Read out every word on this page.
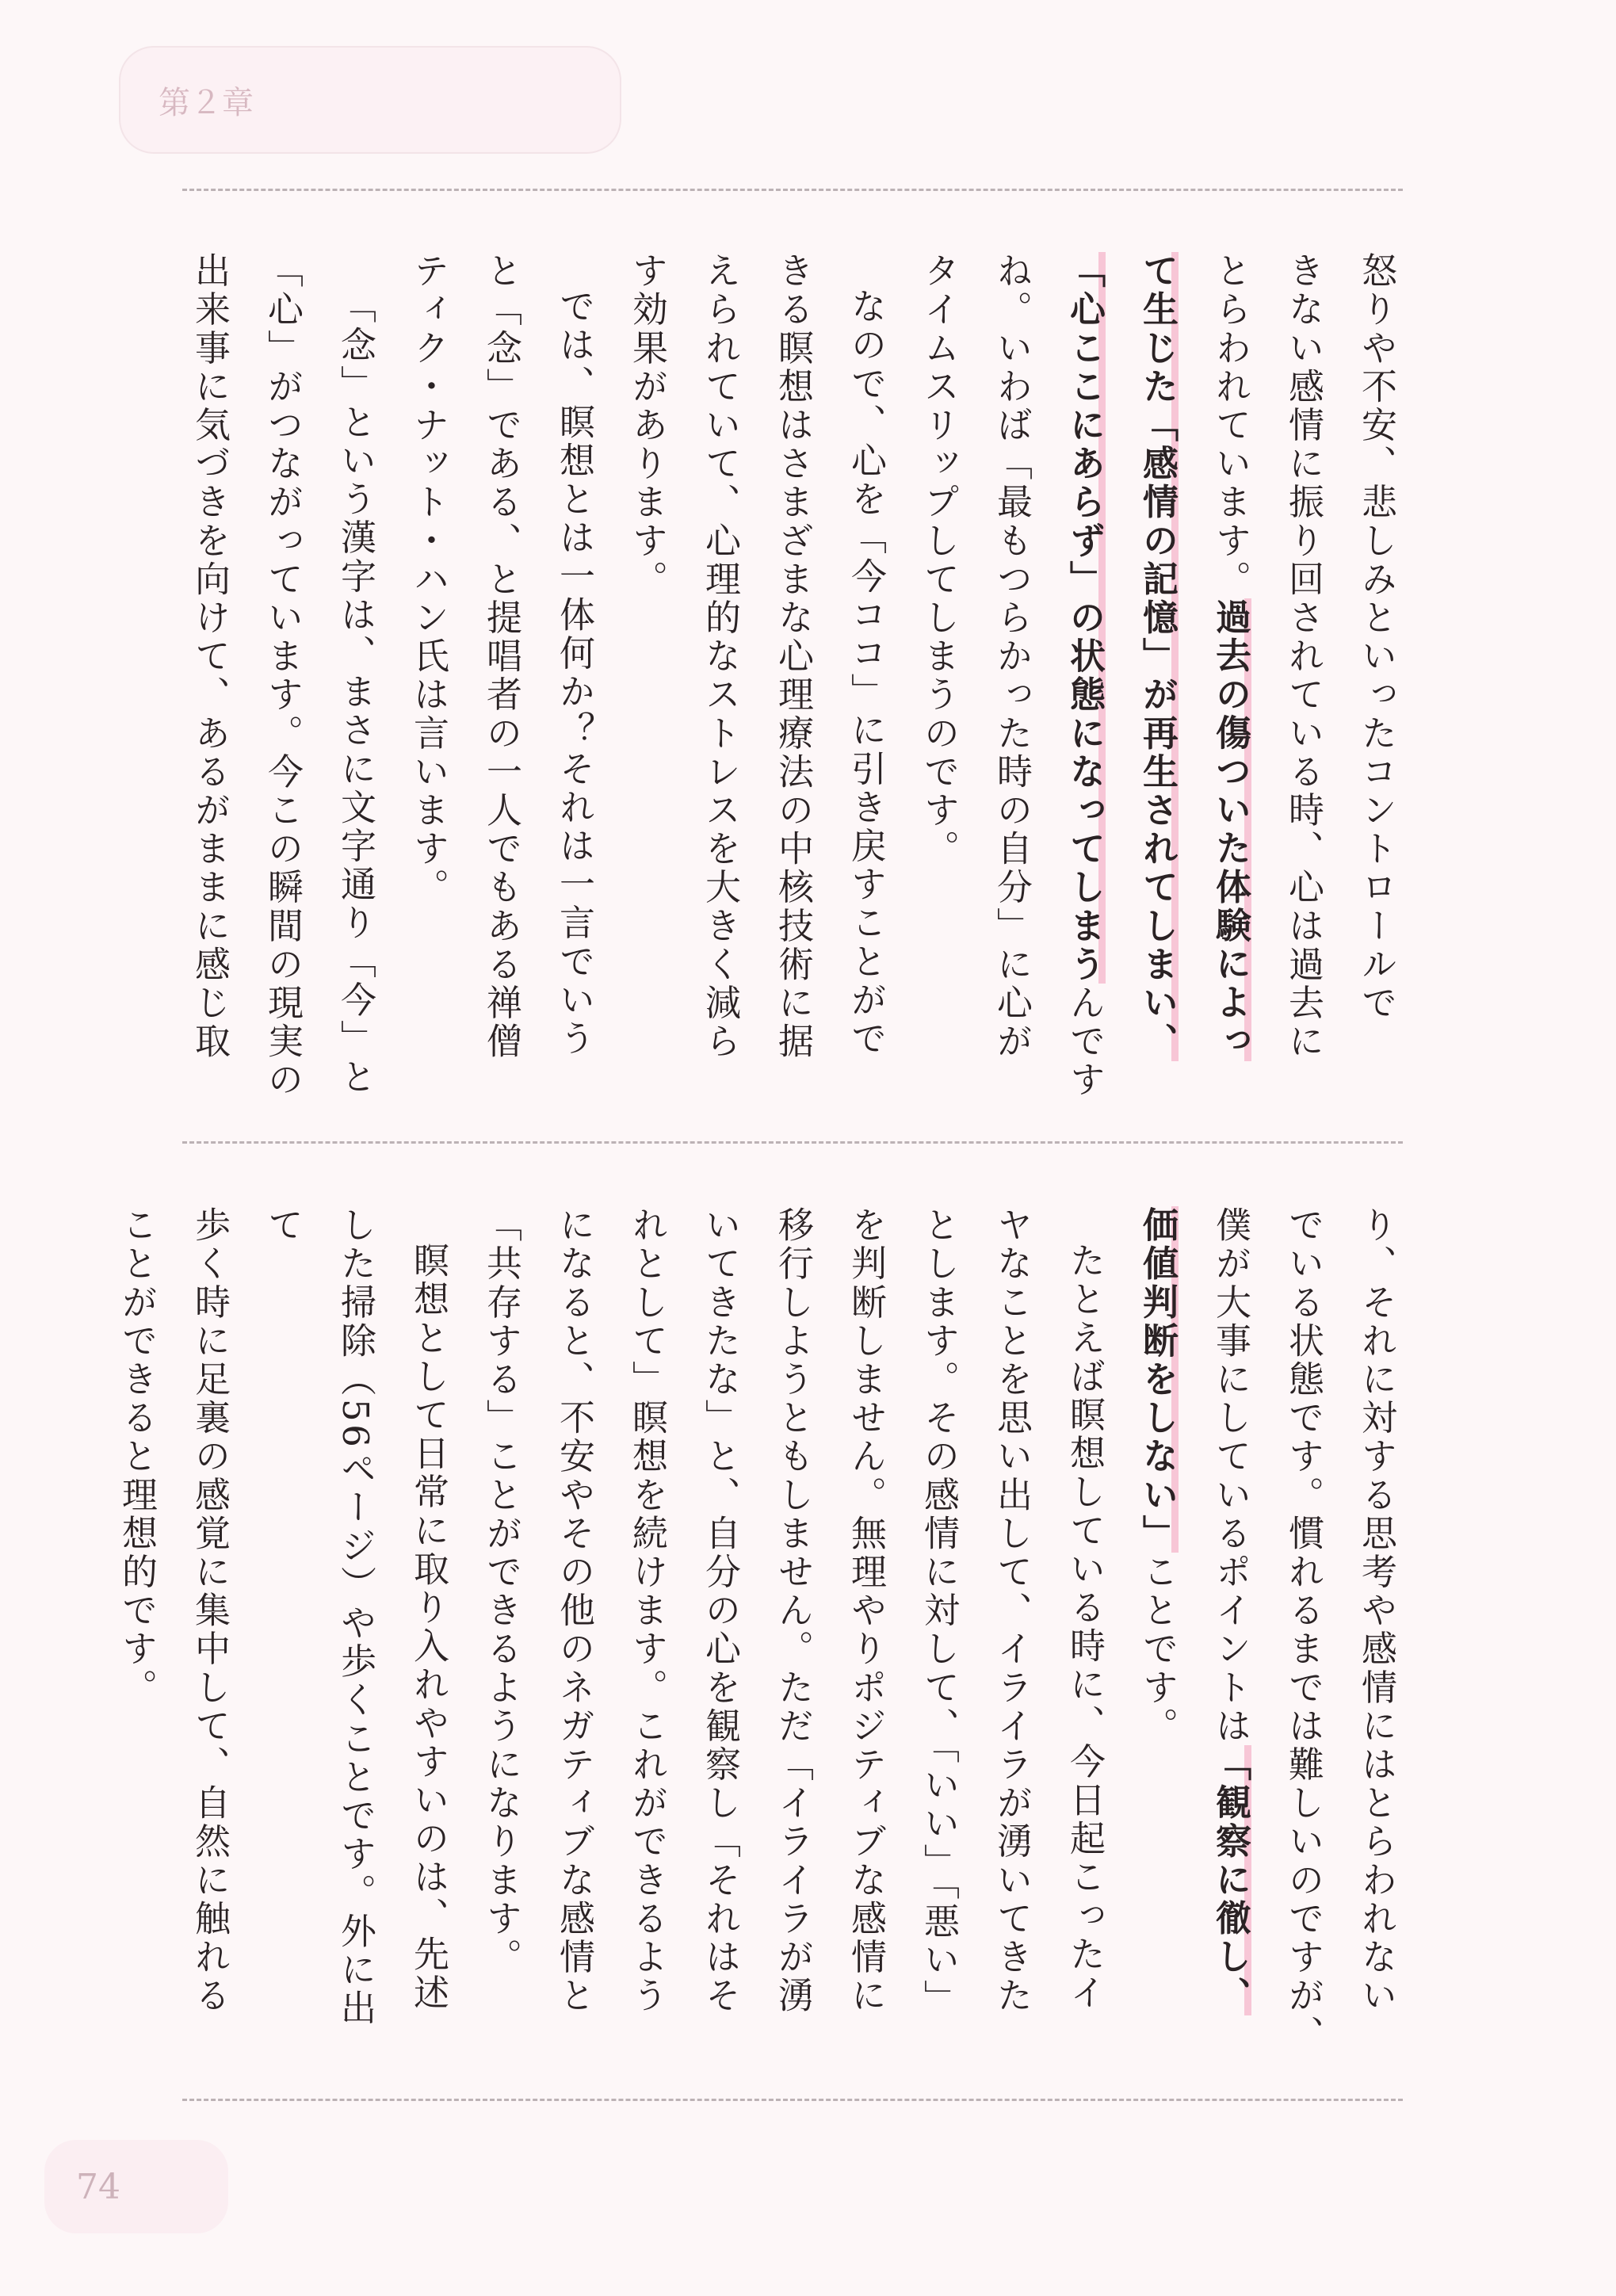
第２章

怒りや不安、悲しみといったコントロールで

きない感情に振り回されている時、心は過去に

とらわれています。過去の傷ついた体験によっ

て生じた「感情の記憶」が再生されてしまい、

「心ここにあらず」の状態になってしまうんです

ね。いわば「最もつらかった時の自分」に心が

タイムスリップしてしまうのです。

なので、心を「今ココ」に引き戻すことがで

きる瞑想はさまざまな心理療法の中核技術に据

えられていて、心理的なストレスを大きく減ら

す効果があります。

では、瞑想とは一体何か？それは一言でいう

と「念」である、と提唱者の一人でもある禅僧

ティク・ナット・ハン氏は言います。

「念」という漢字は、まさに文字通り「今」と

「心」がつながっています。今この瞬間の現実の

出来事に気づきを向けて、あるがままに感じ取

り、それに対する思考や感情にはとらわれない

でいる状態です。慣れるまでは難しいのですが、

僕が大事にしているポイントは「観察に徹し、

価値判断をしない」ことです。

たとえば瞑想している時に、今日起こったイ

ヤなことを思い出して、イライラが湧いてきた

とします。その感情に対して、「いい」「悪い」

を判断しません。無理やりポジティブな感情に

移行しようともしません。ただ「イライラが湧

いてきたな」と、自分の心を観察し「それはそ

れとして」瞑想を続けます。これができるよう

になると、不安やその他のネガティブな感情と

「共存する」ことができるようになります。

瞑想として日常に取り入れやすいのは、先述

した掃除（56ページ）や歩くことです。外に出て

歩く時に足裏の感覚に集中して、自然に触れる

ことができると理想的です。

74
